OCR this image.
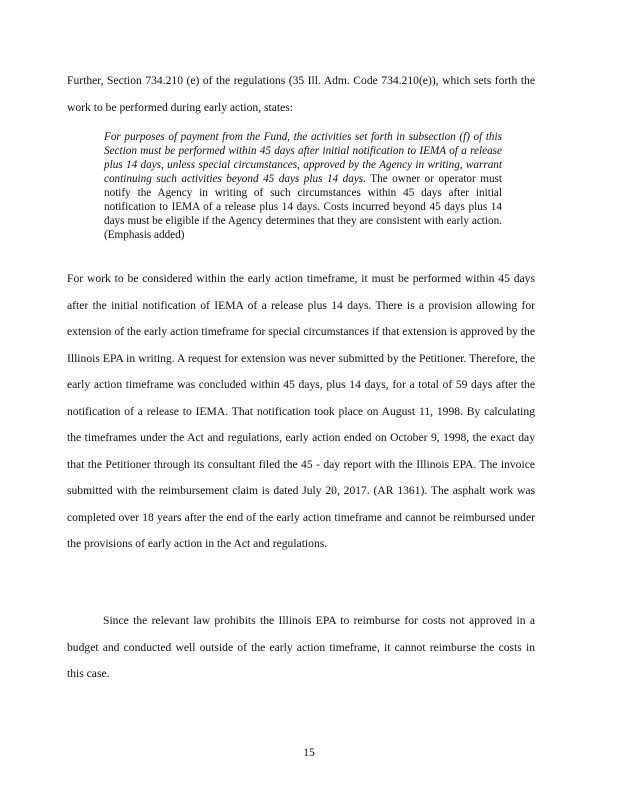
Further, Section 734.210 (e) of the regulations (35 Ill. Adm. Code 734.210(e)), which sets forth the work to be performed during early action, states:

For purposes of payment from the Fund, the activities set forth in subsection (f) of this Section must be performed within 45 days after initial notification to IEMA of a release plus 14 days, unless special circumstances, approved by the Agency in writing, warrant continuing such activities beyond 45 days plus 14 days. The owner or operator must notify the Agency in writing of such circumstances within 45 days after initial notification to IEMA of a release plus 14 days. Costs incurred beyond 45 days plus 14 days must be eligible if the Agency determines that they are consistent with early action. (Emphasis added)

For work to be considered within the early action timeframe, it must be performed within 45 days after the initial notification of IEMA of a release plus 14 days. There is a provision allowing for extension of the early action timeframe for special circumstances if that extension is approved by the Illinois EPA in writing. A request for extension was never submitted by the Petitioner. Therefore, the early action timeframe was concluded within 45 days, plus 14 days, for a total of 59 days after the notification of a release to IEMA. That notification took place on August 11, 1998. By calculating the timeframes under the Act and regulations, early action ended on October 9, 1998, the exact day that the Petitioner through its consultant filed the 45 - day report with the Illinois EPA. The invoice submitted with the reimbursement claim is dated July 20, 2017. (AR 1361). The asphalt work was completed over 18 years after the end of the early action timeframe and cannot be reimbursed under the provisions of early action in the Act and regulations.

Since the relevant law prohibits the Illinois EPA to reimburse for costs not approved in a budget and conducted well outside of the early action timeframe, it cannot reimburse the costs in this case.

15
